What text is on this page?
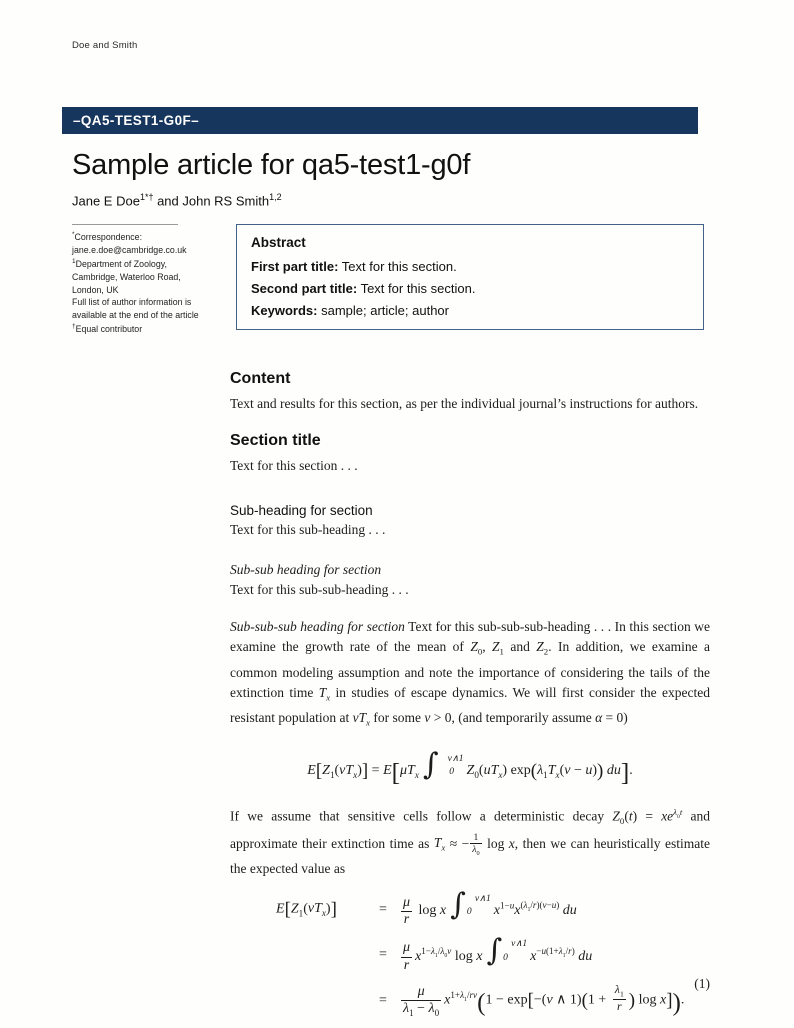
Doe and Smith
–QA5-TEST1-G0F–
Sample article for qa5-test1-g0f
Jane E Doe$^{1*\dagger}$ and John RS Smith$^{1,2}$
*Correspondence:
jane.e.doe@cambridge.co.uk
$^1$Department of Zoology,
Cambridge, Waterloo Road,
London, UK
Full list of author information is
available at the end of the article
†Equal contributor
Abstract
First part title: Text for this section.
Second part title: Text for this section.
Keywords: sample; article; author
Content

Text and results for this section, as per the individual journal’s instructions for authors.

Section title

Text for this section . . .

Sub-heading for section

Text for this sub-heading . . .

Sub-sub heading for section

Text for this sub-sub-heading . . .

Sub-sub-sub heading for section Text for this sub-sub-sub-heading . . . In this section we examine the growth rate of the mean of $Z_0$, $Z_1$ and $Z_2$. In addition, we examine a common modeling assumption and note the importance of considering the tails of the extinction time $T_x$ in studies of escape dynamics. We will first consider the expected resistant population at $vT_x$ for some v > 0, (and temporarily assume α = 0)

$E[Z_1(vT_x)] = E[\mu T_x$ ∫ v∧1
0 $Z_0(uT_x) \exp(\lambda_1T_x(v - u))$ du].

If we assume that sensitive cells follow a deterministic decay $Z_0(t) = xe^{\lambda_0t}$ and approximate their extinction time as $T_x$ ≈ − $\frac{1}{\lambda_0}$ log x, then we can heuristically estimate the expected value as

$E[Z_1(vT_x)]$	=	$\frac{\mu}{r}$ log x ∫ v∧1
0	$x^{1-u}x^{(\lambda_1/r)(v-u)}$ du
=	$\frac{\mu}{r} x^{1-\lambda_1/\lambda_0v}$ log x ∫ v∧1
0	$x^{-u(1+\lambda_1/r)}$ du
=	$\frac{\mu}{\lambda_1 - \lambda_0} x^{1+\lambda_1/rv}(1 - \exp[-(v$ ∧ $1)(1 + \frac{\lambda_1}{r}$ ) log x]).
(1)
